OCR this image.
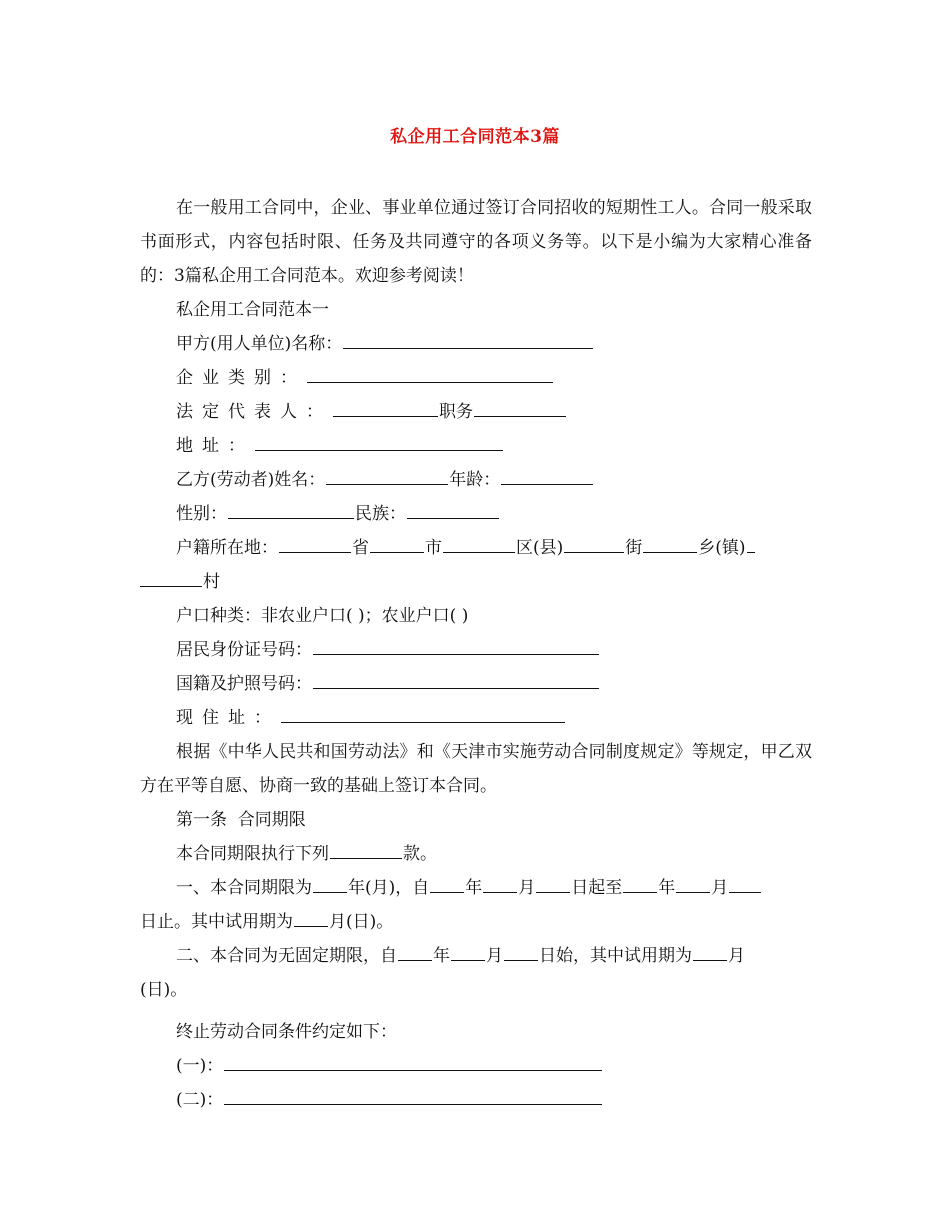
私企用工合同范本3篇

在一般用工合同中，企业、事业单位通过签订合同招收的短期性工人。合同一般采取书面形式，内容包括时限、任务及共同遵守的各项义务等。以下是小编为大家精心准备的：3篇私企用工合同范本。欢迎参考阅读！

私企用工合同范本一

甲方(用人单位)名称：

企业类别：

法定代表人：	职务

地址：

乙方(劳动者)姓名：	年龄：

性别：	民族：

户籍所在地：	省	市	区(县)	街	乡(镇)

村

户口种类：非农业户口( )；农业户口( )

居民身份证号码：

国籍及护照号码：

现住址：

根据《中华人民共和国劳动法》和《天津市实施劳动合同制度规定》等规定，甲乙双方在平等自愿、协商一致的基础上签订本合同。

第一条  合同期限

本合同期限执行下列	款。

一、本合同期限为 年(月)，自 年 月 日起至 年 月

日止。其中试用期为 月(日)。

二、本合同为无固定期限，自 年 月 日始，其中试用期为 月

(日)。

终止劳动合同条件约定如下：

(一)：

(二)：
